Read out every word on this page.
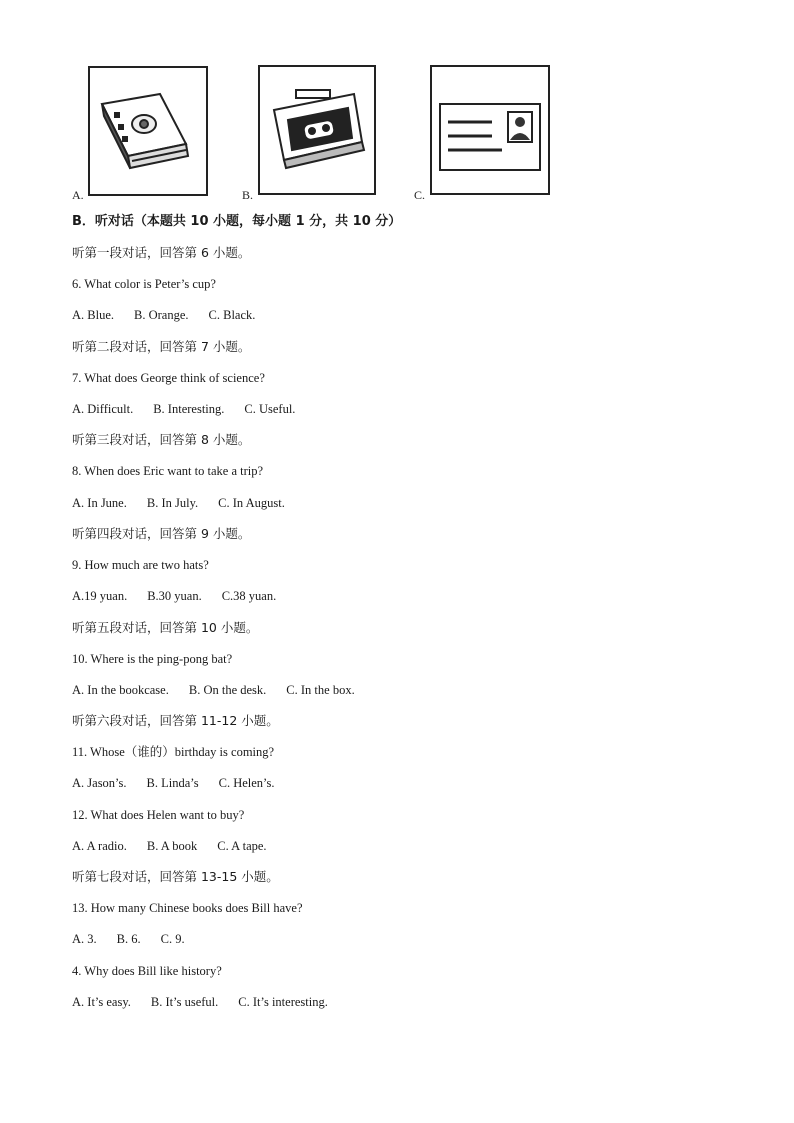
A.	B.	C.
B．听对话（本题共 10 小题，每小题 1 分，共 10 分）
听第一段对话，回答第 6 小题。
6. What color is Peter’s cup?
A. Blue. B. Orange. C. Black.
听第二段对话，回答第 7 小题。
7. What does George think of science?
A. Difficult. B. Interesting. C. Useful.
听第三段对话，回答第 8 小题。
8. When does Eric want to take a trip?
A. In June. B. In July. C. In August.
听第四段对话，回答第 9 小题。
9. How much are two hats?
A.19 yuan. B.30 yuan. C.38 yuan.
听第五段对话，回答第 10 小题。
10. Where is the ping-pong bat?
A. In the bookcase. B. On the desk. C. In the box.
听第六段对话，回答第 11-12 小题。
11. Whose（谁的）birthday is coming?
A. Jason’s. B. Linda’s C. Helen’s.
12. What does Helen want to buy?
A. A radio. B. A book C. A tape.
听第七段对话，回答第 13-15 小题。
13. How many Chinese books does Bill have?
A. 3. B. 6. C. 9.
4. Why does Bill like history?
A. It’s easy. B. It’s useful. C. It’s interesting.
